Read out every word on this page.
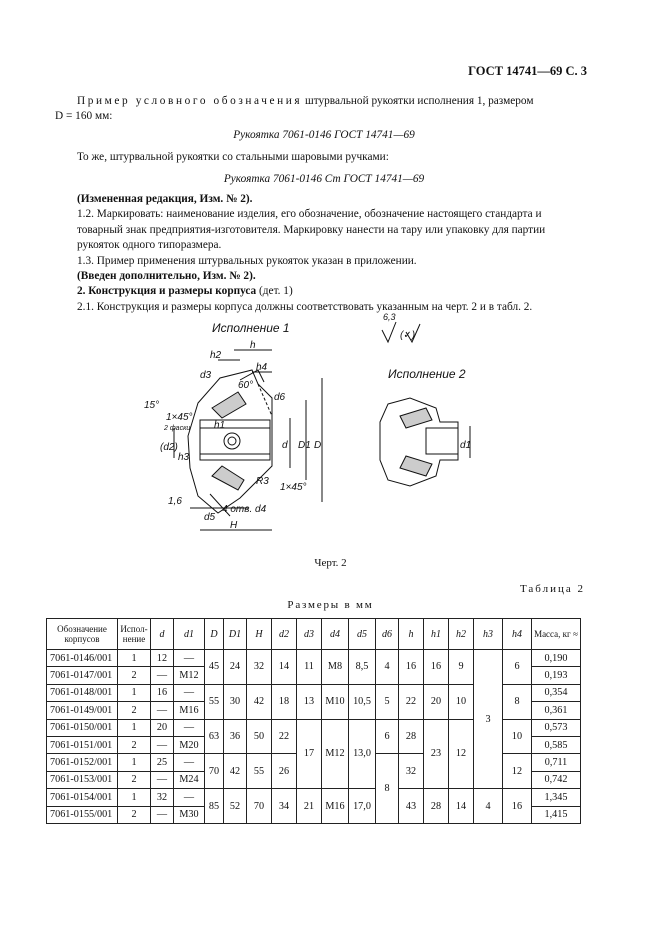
ГОСТ 14741—69 С. 3
Пример условного обозначения штурвальной рукоятки исполнения 1, размером
D = 160 мм:
Рукоятка 7061-0146 ГОСТ 14741—69
То же, штурвальной рукоятки со стальными шаровыми ручками:
Рукоятка 7061-0146 Ст ГОСТ 14741—69
(Измененная редакция, Изм. № 2).
1.2. Маркировать: наименование изделия, его обозначение, обозначение настоящего стандарта и товарный знак предприятия-изготовителя. Маркировку нанести на тару или упаковку для партии рукояток одного типоразмера.
1.3. Пример применения штурвальных рукояток указан в приложении.
(Введен дополнительно, Изм. № 2).
2. Конструкция и размеры корпуса (дет. 1)
2.1. Конструкция и размеры корпуса должны соответствовать указанным на черт. 2 и в табл. 2.
Исполнение 1
Исполнение 2
6,3
(✓)
h
h2
h4
d3
60°
d6
15°
1×45°
2 фаски h1
(d2)
h3
d D1 D
R3
1×45°
1,6
4 отв. d4
d5
H
d1
Черт. 2
Таблица 2
Размеры в мм
Обозначение корпусов	Испол-нение	d	d1	D	D1	H	d2	d3	d4	d5	d6	h	h1	h2	h3	h4	Масса, кг ≈
7061-0146/001	1	12	—	45	24	32	14	11	M8	8,5	4	16	16	9	3	6	0,190
7061-0147/001	2	—	M12														0,193
7061-0148/001	1	16	—	55	30	42	18	13	M10	10,5	5	22	20	10		8	0,354
7061-0149/001	2	—	M16														0,361
7061-0150/001	1	20	—	63	36	50	22	17	M12	13,0	6	28	23	12		10	0,573
7061-0151/001	2	—	M20														0,585
7061-0152/001	1	25	—	70	42	55	26				8	32				12	0,711
7061-0153/001	2	—	M24														0,742
7061-0154/001	1	32	—	85	52	70	34	21	M16	17,0		43	28	14	4	16	1,345
7061-0155/001	2	—	M30														1,415
